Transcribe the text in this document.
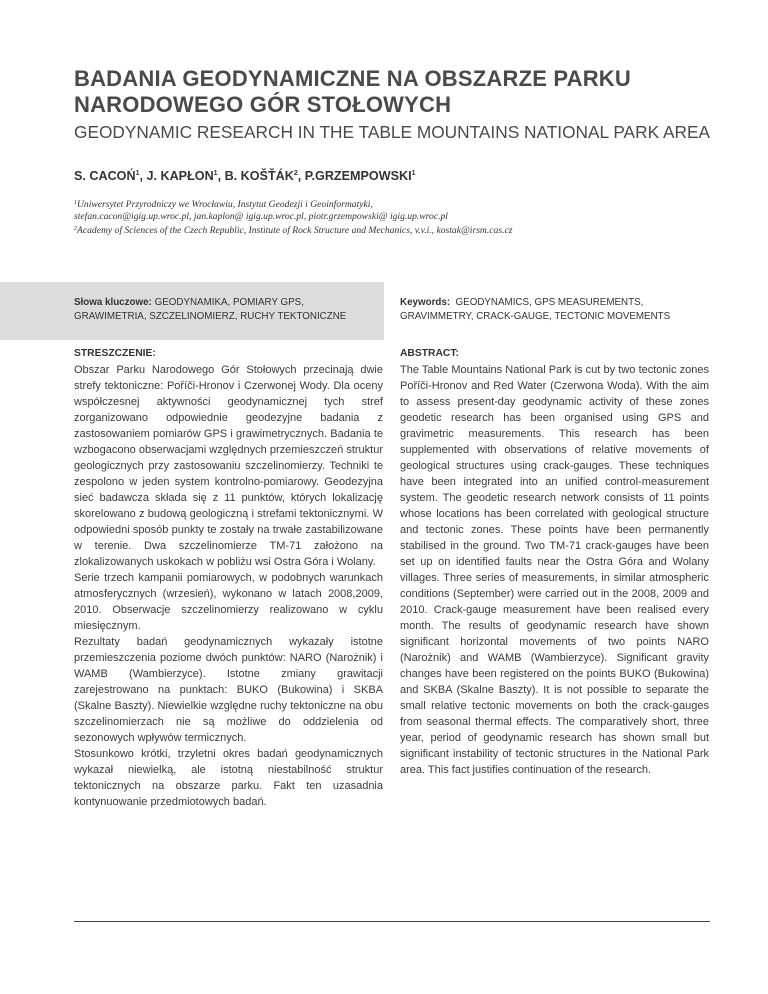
BADANIA GEODYNAMICZNE NA OBSZARZE PARKU
NARODOWEGO GÓR STOŁOWYCH
GEODYNAMIC RESEARCH IN THE TABLE MOUNTAINS NATIONAL PARK AREA
S. CACOŃ$^1$, J. KAPŁON$^1$, B. KOŠŤÁK$^2$, P.GRZEMPOWSKI$^1$
$^1$Uniwersytet Przyrodniczy we Wrocławiu, Instytut Geodezji i Geoinformatyki,
stefan.cacon@igig.up.wroc.pl, jan.kaplon@ igig.up.wroc.pl, piotr.grzempowski@ igig.up.wroc.pl
$^2$Academy of Sciences of the Czech Republic, Institute of Rock Structure and Mechanics, v.v.i., kostak@irsm.cas.cz
Słowa kluczowe: GEODYNAMIKA, POMIARY GPS, GRAWIMETRIA, SZCZELINOMIERZ, RUCHY TEKTONICZNE
Keywords: GEODYNAMICS, GPS MEASUREMENTS, GRAVIMMETRY, CRACK-GAUGE, TECTONIC MOVEMENTS
STRESZCZENIE:

Obszar Parku Narodowego Gór Stołowych przecinają dwie strefy tektoniczne: Poříči-Hronov i Czerwonej Wody. Dla oceny współczesnej aktywności geodynamicznej tych stref zorganizowano odpowiednie geodezyjne badania z zastosowaniem pomiarów GPS i grawimetrycznych. Badania te wzbogacono obserwacjami względnych przemieszczeń struktur geologicznych przy zastosowaniu szczelinomierzy. Techniki te zespolono w jeden system kontrolno-pomiarowy. Geodezyjna sieć badawcza składa się z 11 punktów, których lokalizację skorelowano z budową geologiczną i strefami tektonicznymi. W odpowiedni sposób punkty te zostały na trwałe zastabilizowane w terenie. Dwa szczelinomierze TM-71 założono na zlokalizowanych uskokach w pobliżu wsi Ostra Góra i Wolany.

Serie trzech kampanii pomiarowych, w podobnych warunkach atmosferycznych (wrzesień), wykonano w latach 2008,2009, 2010. Obserwacje szczelinomierzy realizowano w cyklu miesięcznym.

Rezultaty badań geodynamicznych wykazały istotne przemieszczenia poziome dwóch punktów: NARO (Narożnik) i WAMB (Wambierzyce). Istotne zmiany grawitacji zarejestrowano na punktach: BUKO (Bukowina) i SKBA (Skalne Baszty). Niewielkie względne ruchy tektoniczne na obu szczelinomierzach nie są możliwe do oddzielenia od sezonowych wpływów termicznych.

Stosunkowo krótki, trzyletni okres badań geodynamicznych wykazał niewielką, ale istotną niestabilność struktur tektonicznych na obszarze parku. Fakt ten uzasadnia kontynuowanie przedmiotowych badań.

ABSTRACT:

The Table Mountains National Park is cut by two tectonic zones Poříči-Hronov and Red Water (Czerwona Woda). With the aim to assess present-day geodynamic activity of these zones geodetic research has been organised using GPS and gravimetric measurements. This research has been supplemented with observations of relative movements of geological structures using crack-gauges. These techniques have been integrated into an unified control-measurement system. The geodetic research network consists of 11 points whose locations has been correlated with geological structure and tectonic zones. These points have been permanently stabilised in the ground. Two TM-71 crack-gauges have been set up on identified faults near the Ostra Góra and Wolany villages. Three series of measurements, in similar atmospheric conditions (September) were carried out in the 2008, 2009 and 2010. Crack-gauge measurement have been realised every month. The results of geodynamic research have shown significant horizontal movements of two points NARO (Narożnik) and WAMB (Wambierzyce). Significant gravity changes have been registered on the points BUKO (Bukowina) and SKBA (Skalne Baszty). It is not possible to separate the small relative tectonic movements on both the crack-gauges from seasonal thermal effects. The comparatively short, three year, period of geodynamic research has shown small but significant instability of tectonic structures in the National Park area. This fact justifies continuation of the research.
